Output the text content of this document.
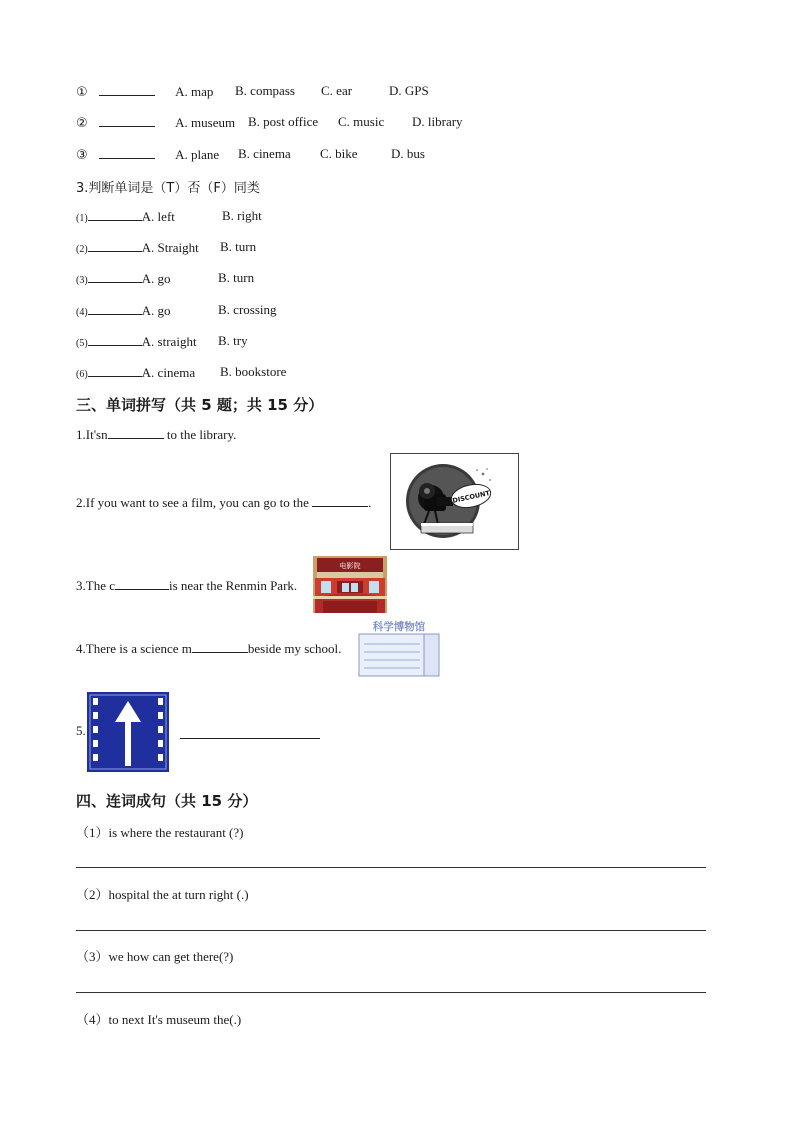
①	A. map B. compass C. ear	D. GPS
②	A. museum B. post office C. music D. library
③	A. plane B. cinema C. bike	D. bus
3.判断单词是（T）否（F）同类
(1)	A. left	B. right
(2)	A. Straight B. turn
(3)	A. go	B. turn
(4)	A. go	B. crossing
(5)	A. straight B. try
(6)	A. cinema B. bookstore
三、单词拼写（共 5 题；共 15 分）
1.It'sn	to the library.
2.If you want to see a film, you can go to the	.	DISCOUNT
3.The c	is near the Renmin Park.
电影院
4.There is a science m	beside my school.
科学博物馆
5.
四、连词成句（共 15 分）
（1）is where the restaurant (?)
（2）hospital the at turn right (.)
（3）we how can get there(?)
（4）to next It's museum the(.)
